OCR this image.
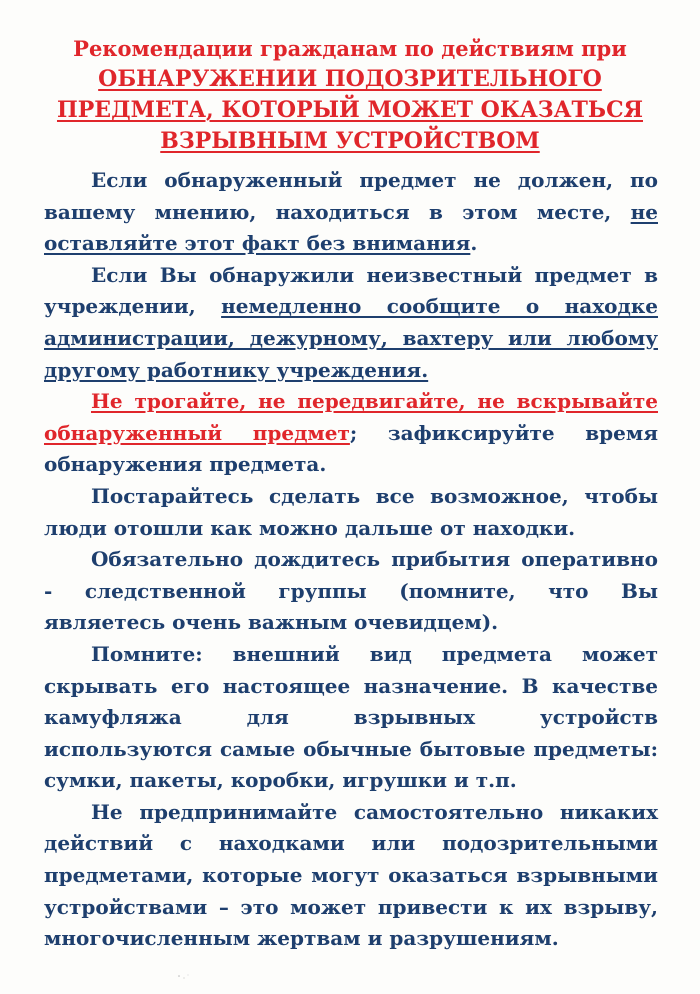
Рекомендации гражданам по действиям при
ОБНАРУЖЕНИИ ПОДОЗРИТЕЛЬНОГО
ПРЕДМЕТА, КОТОРЫЙ МОЖЕТ ОКАЗАТЬСЯ
ВЗРЫВНЫМ УСТРОЙСТВОМ

Если обнаруженный предмет не должен, по вашему мнению, находиться в этом месте, не оставляйте этот факт без внимания.

Если Вы обнаружили неизвестный предмет в учреждении, немедленно сообщите о находке администрации, дежурному, вахтеру или любому другому работнику учреждения.

Не трогайте, не передвигайте, не вскрывайте обнаруженный предмет; зафиксируйте время обнаружения предмета.

Постарайтесь сделать все возможное, чтобы люди отошли как можно дальше от находки.

Обязательно дождитесь прибытия оперативно - следственной группы (помните, что Вы являетесь очень важным очевидцем).

Помните: внешний вид предмета может скрывать его настоящее назначение. В качестве камуфляжа для взрывных устройств используются самые обычные бытовые предметы: сумки, пакеты, коробки, игрушки и т.п.

Не предпринимайте самостоятельно никаких действий с находками или подозрительными предметами, которые могут оказаться взрывными устройствами – это может привести к их взрыву, многочисленным жертвам и разрушениям.
